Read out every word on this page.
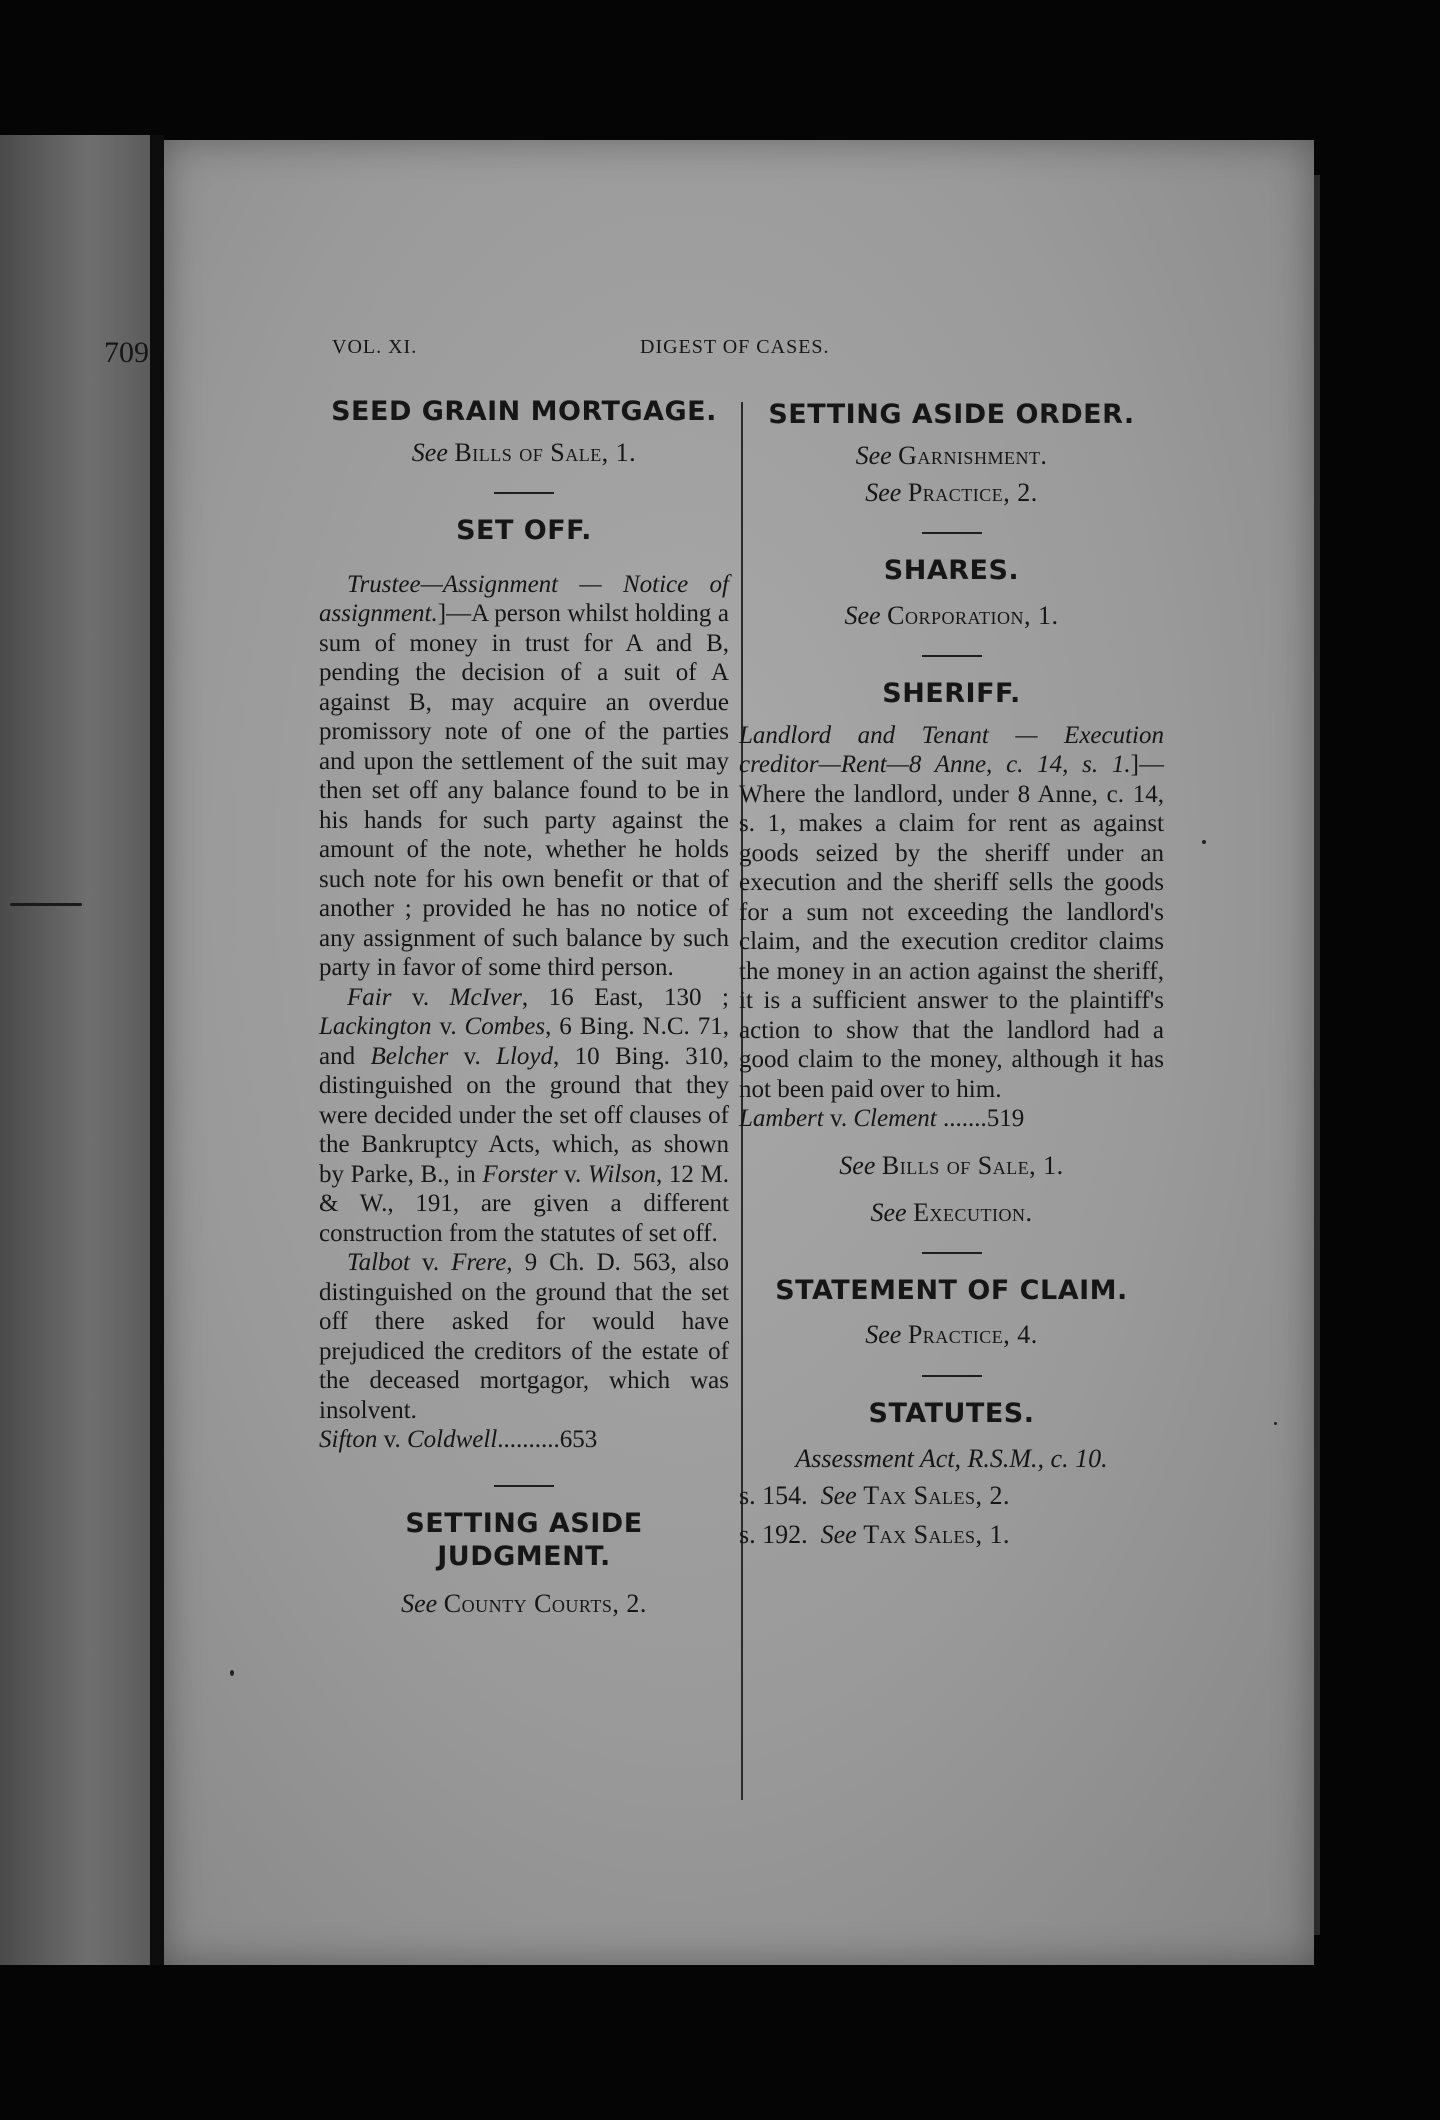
VOL. XI.	DIGEST OF CASES.
709
SEED GRAIN MORTGAGE.

See Bills of Sale, 1.

SET OFF.

Trustee—Assignment — Notice of assignment.]—A person whilst holding a sum of money in trust for A and B, pending the decision of a suit of A against B, may acquire an overdue promissory note of one of the parties and upon the settlement of the suit may then set off any balance found to be in his hands for such party against the amount of the note, whether he holds such note for his own benefit or that of another ; provided he has no notice of any assignment of such balance by such party in favor of some third person.

Fair v. McIver, 16 East, 130 ; Lackington v. Combes, 6 Bing. N.C. 71, and Belcher v. Lloyd, 10 Bing. 310, distinguished on the ground that they were decided under the set off clauses of the Bankruptcy Acts, which, as shown by Parke, B., in Forster v. Wilson, 12 M. & W., 191, are given a different construction from the statutes of set off.

Talbot v. Frere, 9 Ch. D. 563, also distinguished on the ground that the set off there asked for would have prejudiced the creditors of the estate of the deceased mortgagor, which was insolvent.

Sifton v. Coldwell..........653

SETTING ASIDE JUDGMENT.

See County Courts, 2.

SETTING ASIDE ORDER.

See Garnishment.

See Practice, 2.

SHARES.

See Corporation, 1.

SHERIFF.

Landlord and Tenant — Execution creditor—Rent—8 Anne, c. 14, s. 1.]—Where the landlord, under 8 Anne, c. 14, s. 1, makes a claim for rent as against goods seized by the sheriff under an execution and the sheriff sells the goods for a sum not exceeding the landlord's claim, and the execution creditor claims the money in an action against the sheriff, it is a sufficient answer to the plaintiff's action to show that the landlord had a good claim to the money, although it has not been paid over to him.

Lambert v. Clement .......519

See Bills of Sale, 1.

See Execution.

STATEMENT OF CLAIM.

See Practice, 4.

STATUTES.

Assessment Act, R.S.M., c. 10.

s. 154. See Tax Sales, 2.

s. 192. See Tax Sales, 1.
